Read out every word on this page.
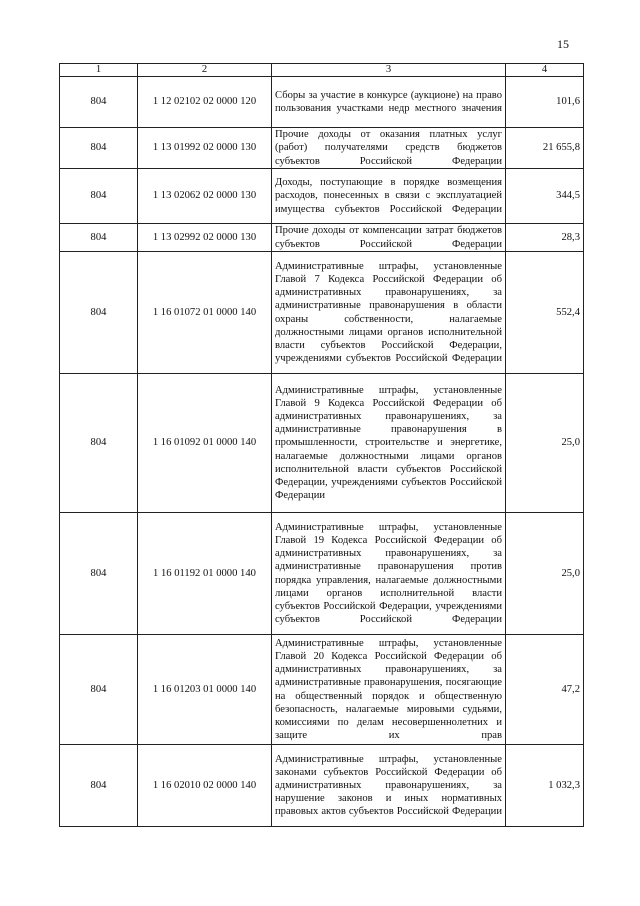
15
1	2	3	4
804	1 12 02102 02 0000 120	Сборы за участие в конкурсе (аукционе) на право пользования участками недр местного значения	101,6
804	1 13 01992 02 0000 130	Прочие доходы от оказания платных услуг (работ) получателями средств бюджетов субъектов Российской Федерации	21 655,8
804	1 13 02062 02 0000 130	Доходы, поступающие в порядке возмещения расходов, понесенных в связи с эксплуатацией имущества субъектов Российской Федерации	344,5
804	1 13 02992 02 0000 130	Прочие доходы от компенсации затрат бюджетов субъектов Российской Федерации	28,3
804	1 16 01072 01 0000 140	Административные штрафы, установленные Главой 7 Кодекса Российской Федерации об административных правонарушениях, за административные правонарушения в области охраны собственности, налагаемые должностными лицами органов исполнительной власти субъектов Российской Федерации, учреждениями субъектов Российской Федерации	552,4
804	1 16 01092 01 0000 140	Административные штрафы, установленные Главой 9 Кодекса Российской Федерации об административных правонарушениях, за административные правонарушения в промышленности, строительстве и энергетике, налагаемые должностными лицами органов исполнительной власти субъектов Российской Федерации, учреждениями субъектов Российской Федерации	25,0
804	1 16 01192 01 0000 140	Административные штрафы, установленные Главой 19 Кодекса Российской Федерации об административных правонарушениях, за административные правонарушения против порядка управления, налагаемые должностными лицами органов исполнительной власти субъектов Российской Федерации, учреждениями субъектов Российской Федерации	25,0
804	1 16 01203 01 0000 140	Административные штрафы, установленные Главой 20 Кодекса Российской Федерации об административных правонарушениях, за административные правонарушения, посягающие на общественный порядок и общественную безопасность, налагаемые мировыми судьями, комиссиями по делам несовершеннолетних и защите их прав	47,2
804	1 16 02010 02 0000 140	Административные штрафы, установленные законами субъектов Российской Федерации об административных правонарушениях, за нарушение законов и иных нормативных правовых актов субъектов Российской Федерации	1 032,3
